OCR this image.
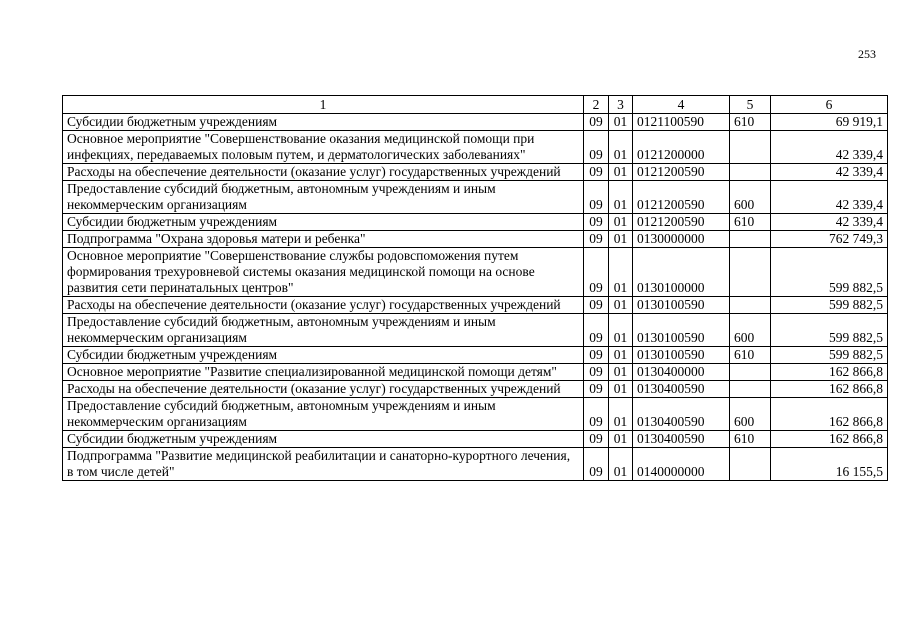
253
1	2	3	4	5	6
Субсидии бюджетным учреждениям	09	01	0121100590	610	69 919,1
Основное мероприятие "Совершенствование оказания медицинской помощи при инфекциях, передаваемых половым путем, и дерматологических заболеваниях"	09	01	0121200000		42 339,4
Расходы на обеспечение деятельности (оказание услуг) государственных учреждений	09	01	0121200590		42 339,4
Предоставление субсидий бюджетным, автономным учреждениям и иным некоммерческим организациям	09	01	0121200590	600	42 339,4
Субсидии бюджетным учреждениям	09	01	0121200590	610	42 339,4
Подпрограмма "Охрана здоровья матери и ребенка"	09	01	0130000000		762 749,3
Основное мероприятие "Совершенствование службы родовспоможения путем формирования трехуровневой системы оказания медицинской помощи на основе развития сети перинатальных центров"	09	01	0130100000		599 882,5
Расходы на обеспечение деятельности (оказание услуг) государственных учреждений	09	01	0130100590		599 882,5
Предоставление субсидий бюджетным, автономным учреждениям и иным некоммерческим организациям	09	01	0130100590	600	599 882,5
Субсидии бюджетным учреждениям	09	01	0130100590	610	599 882,5
Основное мероприятие "Развитие специализированной медицинской помощи детям"	09	01	0130400000		162 866,8
Расходы на обеспечение деятельности (оказание услуг) государственных учреждений	09	01	0130400590		162 866,8
Предоставление субсидий бюджетным, автономным учреждениям и иным некоммерческим организациям	09	01	0130400590	600	162 866,8
Субсидии бюджетным учреждениям	09	01	0130400590	610	162 866,8
Подпрограмма "Развитие медицинской реабилитации и санаторно-курортного лечения, в том числе детей"	09	01	0140000000		16 155,5
